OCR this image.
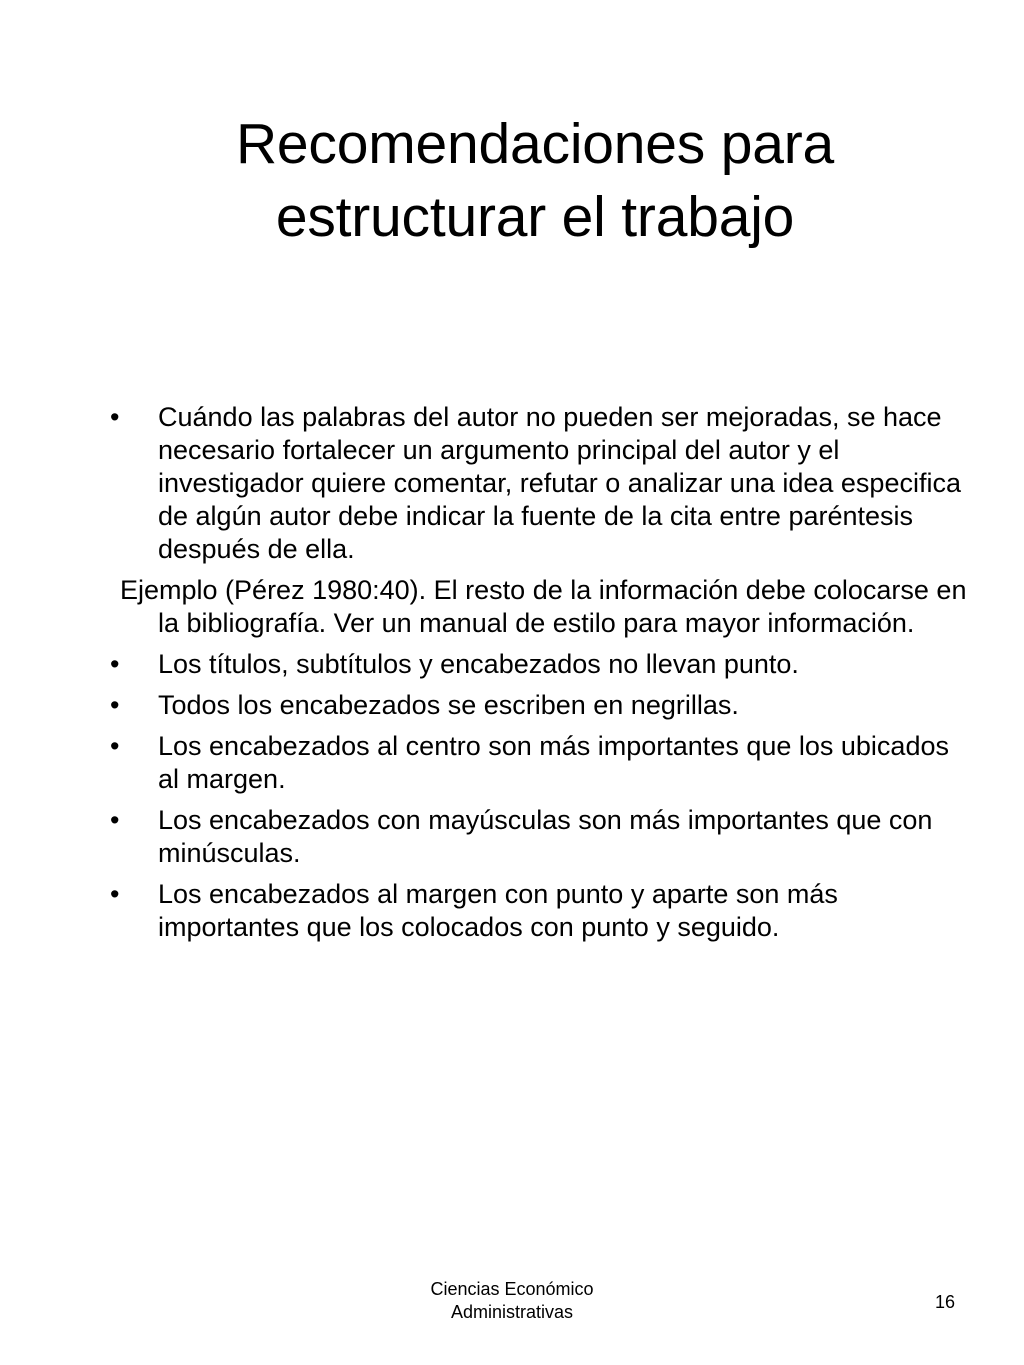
Recomendaciones para
estructurar el trabajo
•	Cuándo las palabras del autor no pueden ser mejoradas, se hace necesario fortalecer un argumento principal del autor y el investigador quiere comentar, refutar o analizar una idea especifica de algún autor debe indicar la fuente de la cita entre paréntesis después de ella.
Ejemplo (Pérez 1980:40). El resto de la información debe colocarse en la bibliografía. Ver un manual de estilo para mayor información.
•	Los títulos, subtítulos y encabezados no llevan punto.
•	Todos los encabezados se escriben en negrillas.
•	Los encabezados al centro son más importantes que los ubicados al margen.
•	Los encabezados con mayúsculas son más importantes que con minúsculas.
•	Los encabezados al margen con punto y aparte son más importantes que los colocados con punto y seguido.
Ciencias Económico
Administrativas	16
